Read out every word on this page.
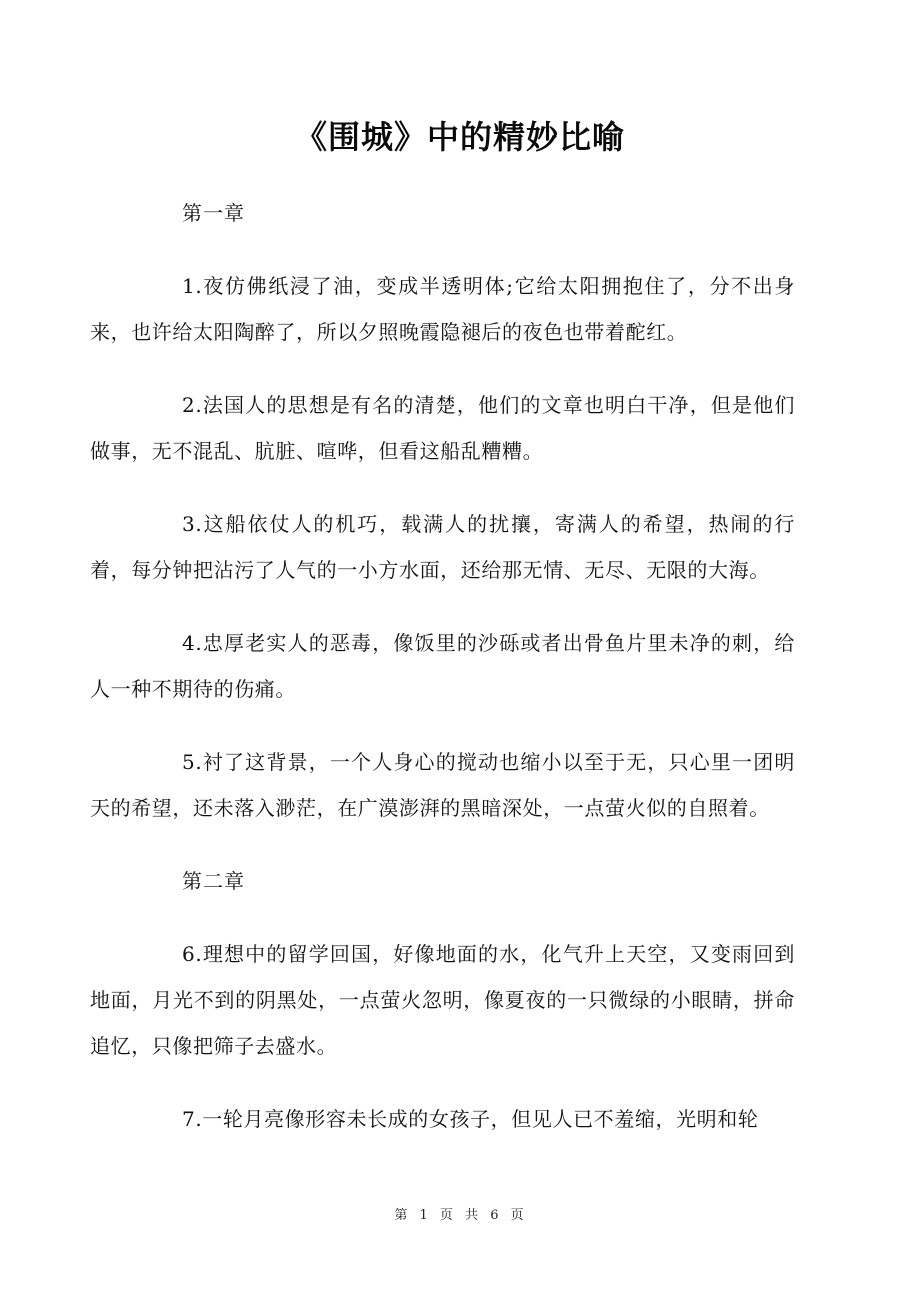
《围城》中的精妙比喻

第一章

1.夜仿佛纸浸了油，变成半透明体;它给太阳拥抱住了，分不出身来，也许给太阳陶醉了，所以夕照晚霞隐褪后的夜色也带着酡红。

2.法国人的思想是有名的清楚，他们的文章也明白干净，但是他们做事，无不混乱、肮脏、喧哗，但看这船乱糟糟。

3.这船依仗人的机巧，载满人的扰攘，寄满人的希望，热闹的行着，每分钟把沾污了人气的一小方水面，还给那无情、无尽、无限的大海。

4.忠厚老实人的恶毒，像饭里的沙砾或者出骨鱼片里未净的刺，给人一种不期待的伤痛。

5.衬了这背景，一个人身心的搅动也缩小以至于无，只心里一团明天的希望，还未落入渺茫，在广漠澎湃的黑暗深处，一点萤火似的自照着。

第二章

6.理想中的留学回国，好像地面的水，化气升上天空，又变雨回到地面，月光不到的阴黑处，一点萤火忽明，像夏夜的一只微绿的小眼睛，拼命追忆，只像把筛子去盛水。

7.一轮月亮像形容未长成的女孩子，但见人已不羞缩，光明和轮

第 1 页 共 6 页
